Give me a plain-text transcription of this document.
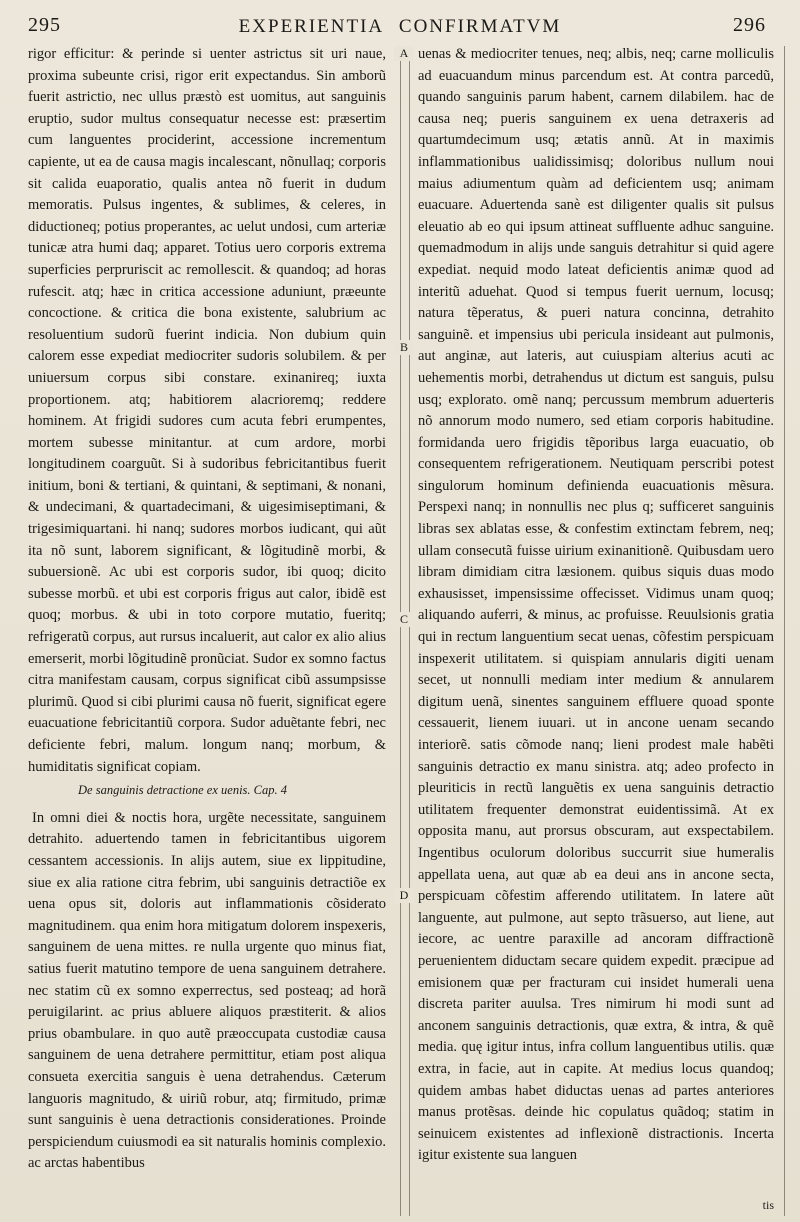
295	EXPERIENTIA CONFIRMATVM	296
A
B
C
D

rigor efficitur: & perinde si uenter astrictus sit uri naue, proxima subeunte crisi, rigor erit expectandus. Sin amborũ fuerit astrictio, nec ullus præstò est uomitus, aut sanguinis eruptio, sudor multus consequatur necesse est: præsertim cum languentes prociderint, accessione incrementum capiente, ut ea de causa magis incalescant, nõnullaq; corporis sit calida euaporatio, qualis antea nõ fuerit in dudum memoratis. Pulsus ingentes, & sublimes, & celeres, in diductioneq; potius properantes, ac uelut undosi, cum arteriæ tunicæ atra humi daq; apparet. Totius uero corporis extrema superficies perpruriscit ac remollescit. & quandoq; ad horas rufescit. atq; hæc in critica accessione aduniunt, præeunte concoctione. & critica die bona existente, salubrium ac resoluentium sudorũ fuerint indicia. Non dubium quin calorem esse expediat mediocriter sudoris solubilem. & per uniuersum corpus sibi constare. exinanireq; iuxta proportionem. atq; habitiorem alacrioremq; reddere hominem. At frigidi sudores cum acuta febri erumpentes, mortem subesse minitantur. at cum ardore, morbi longitudinem coarguũt. Si à sudoribus febricitantibus fuerit initium, boni & tertiani, & quintani, & septimani, & nonani, & undecimani, & quartadecimani, & uigesimiseptimani, & trigesimiquartani. hi nanq; sudores morbos iudicant, qui aũt ita nõ sunt, laborem significant, & lõgitudinẽ morbi, & subuersionẽ. Ac ubi est corporis sudor, ibi quoq; dicito subesse morbũ. et ubi est corporis frigus aut calor, ibidẽ est quoq; morbus. & ubi in toto corpore mutatio, fueritq; refrigeratũ corpus, aut rursus incaluerit, aut calor ex alio alius emerserit, morbi lõgitudinẽ pronũciat. Sudor ex somno factus citra manifestam causam, corpus significat cibũ assumpsisse plurimũ. Quod si cibi plurimi causa nõ fuerit, significat egere euacuatione febricitantiũ corpora. Sudor aduẽtante febri, nec deficiente febri, malum. longum nanq; morbum, & humiditatis significat copiam.

De sanguinis detractione ex uenis. Cap. 4

In omni diei & noctis hora, urgẽte necessitate, sanguinem detrahito. aduertendo tamen in febricitantibus uigorem cessantem accessionis. In alijs autem, siue ex lippitudine, siue ex alia ratione citra febrim, ubi sanguinis detractiõe ex uena opus sit, doloris aut inflammationis cõsiderato magnitudinem. qua enim hora mitigatum dolorem inspexeris, sanguinem de uena mittes. re nulla urgente quo minus fiat, satius fuerit matutino tempore de uena sanguinem detrahere. nec statim cũ ex somno experrectus, sed posteaq; ad horã peruigilarint. ac prius abluere aliquos præstiterit. & alios prius obambulare. in quo autẽ præoccupata custodiæ causa sanguinem de uena detrahere permittitur, etiam post aliqua consueta exercitia sanguis è uena detrahendus. Cæterum languoris magnitudo, & uiriũ robur, atq; firmitudo, primæ sunt sanguinis è uena detractionis considerationes. Proinde perspiciendum cuiusmodi ea sit naturalis hominis complexio. ac arctas habentibus

uenas & mediocriter tenues, neq; albis, neq; carne molliculis ad euacuandum minus parcendum est. At contra parcedũ, quando sanguinis parum habent, carnem dilabilem. hac de causa neq; pueris sanguinem ex uena detraxeris ad quartumdecimum usq; ætatis annũ. At in maximis inflammationibus ualidissimisq; doloribus nullum noui maius adiumentum quàm ad deficientem usq; animam euacuare. Aduertenda sanè est diligenter qualis sit pulsus eleuatio ab eo qui ipsum attineat suffluente adhuc sanguine. quemadmodum in alijs unde sanguis detrahitur si quid agere expediat. nequid modo lateat deficientis animæ quod ad interitũ aduehat. Quod si tempus fuerit uernum, locusq; natura tẽperatus, & pueri natura concinna, detrahito sanguinẽ. et impensius ubi pericula insideant aut pulmonis, aut anginæ, aut lateris, aut cuiuspiam alterius acuti ac uehementis morbi, detrahendus ut dictum est sanguis, pulsu usq; explorato. omẽ nanq; percussum membrum aduerteris nõ annorum modo numero, sed etiam corporis habitudine. formidanda uero frigidis tẽporibus larga euacuatio, ob consequentem refrigerationem. Neutiquam perscribi potest singulorum hominum definienda euacuationis mẽsura. Perspexi nanq; in nonnullis nec plus q; sufficeret sanguinis libras sex ablatas esse, & confestim extinctam febrem, neq; ullam consecutã fuisse uirium exinanitionẽ. Quibusdam uero libram dimidiam citra læsionem. quibus siquis duas modo exhausisset, impensissime offecisset. Vidimus unam quoq; aliquando auferri, & minus, ac profuisse. Reuulsionis gratia qui in rectum languentium secat uenas, cõfestim perspicuam inspexerit utilitatem. si quispiam annularis digiti uenam secet, ut nonnulli mediam inter medium & annularem digitum uenã, sinentes sanguinem effluere quoad sponte cessauerit, lienem iuuari. ut in ancone uenam secando interiorẽ. satis cõmode nanq; lieni prodest male habẽti sanguinis detractio ex manu sinistra. atq; adeo profecto in pleuriticis in rectũ languẽtis ex uena sanguinis detractio utilitatem frequenter demonstrat euidentissimã. At ex opposita manu, aut prorsus obscuram, aut exspectabilem. Ingentibus oculorum doloribus succurrit siue humeralis appellata uena, aut quæ ab ea deui ans in ancone secta, perspicuam cõfestim afferendo utilitatem. In latere aũt languente, aut pulmone, aut septo trãsuerso, aut liene, aut iecore, ac uentre paraxille ad ancoram diffractionẽ peruenientem diductam secare quidem expedit. præcipue ad emisionem quæ per fracturam cui insidet humerali uena discreta pariter auulsa. Tres nimirum hi modi sunt ad anconem sanguinis detractionis, quæ extra, & intra, & quẽ media. quę igitur intus, infra collum languentibus utilis. quæ extra, in facie, aut in capite. At medius locus quandoq; quidem ambas habet diductas uenas ad partes anteriores manus protẽsas. deinde hic copulatus quãdoq; statim in seinuicem existentes ad inflexionẽ distractionis. Incerta igitur existente sua languen

tis
